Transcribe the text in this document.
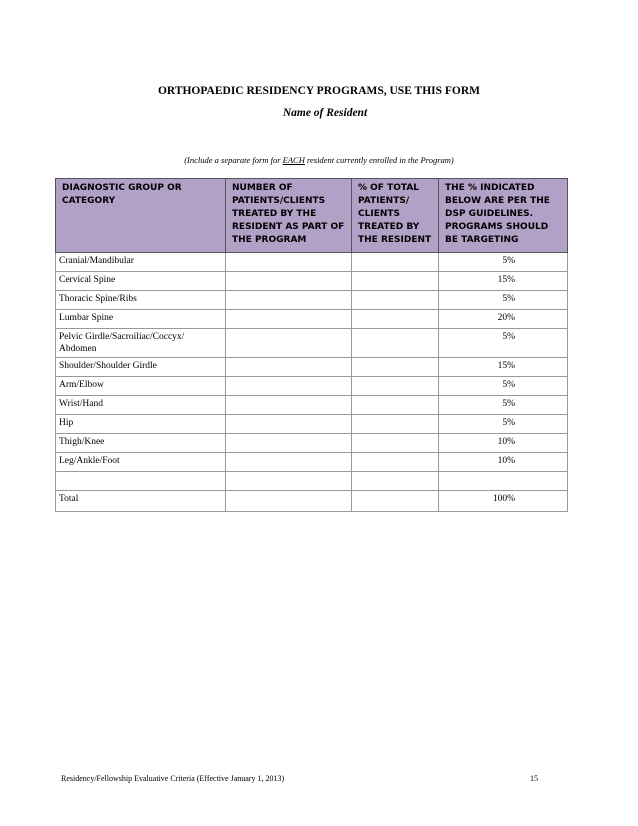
ORTHOPAEDIC RESIDENCY PROGRAMS, USE THIS FORM
Name of Resident
(Include a separate form for EACH resident currently enrolled in the Program)
DIAGNOSTIC GROUP OR CATEGORY	NUMBER OF PATIENTS/CLIENTS TREATED BY THE RESIDENT AS PART OF THE PROGRAM	% OF TOTAL PATIENTS/ CLIENTS TREATED BY THE RESIDENT	THE % INDICATED BELOW ARE PER THE DSP GUIDELINES. PROGRAMS SHOULD BE TARGETING
Cranial/Mandibular			5%
Cervical Spine			15%
Thoracic Spine/Ribs			5%
Lumbar Spine			20%
Pelvic Girdle/Sacroiliac/Coccyx/ Abdomen			5%
Shoulder/Shoulder Girdle			15%
Arm/Elbow			5%
Wrist/Hand			5%
Hip			5%
Thigh/Knee			10%
Leg/Ankle/Foot			10%

Total			100%
Residency/Fellowship Evaluative Criteria (Effective January 1, 2013)	15
